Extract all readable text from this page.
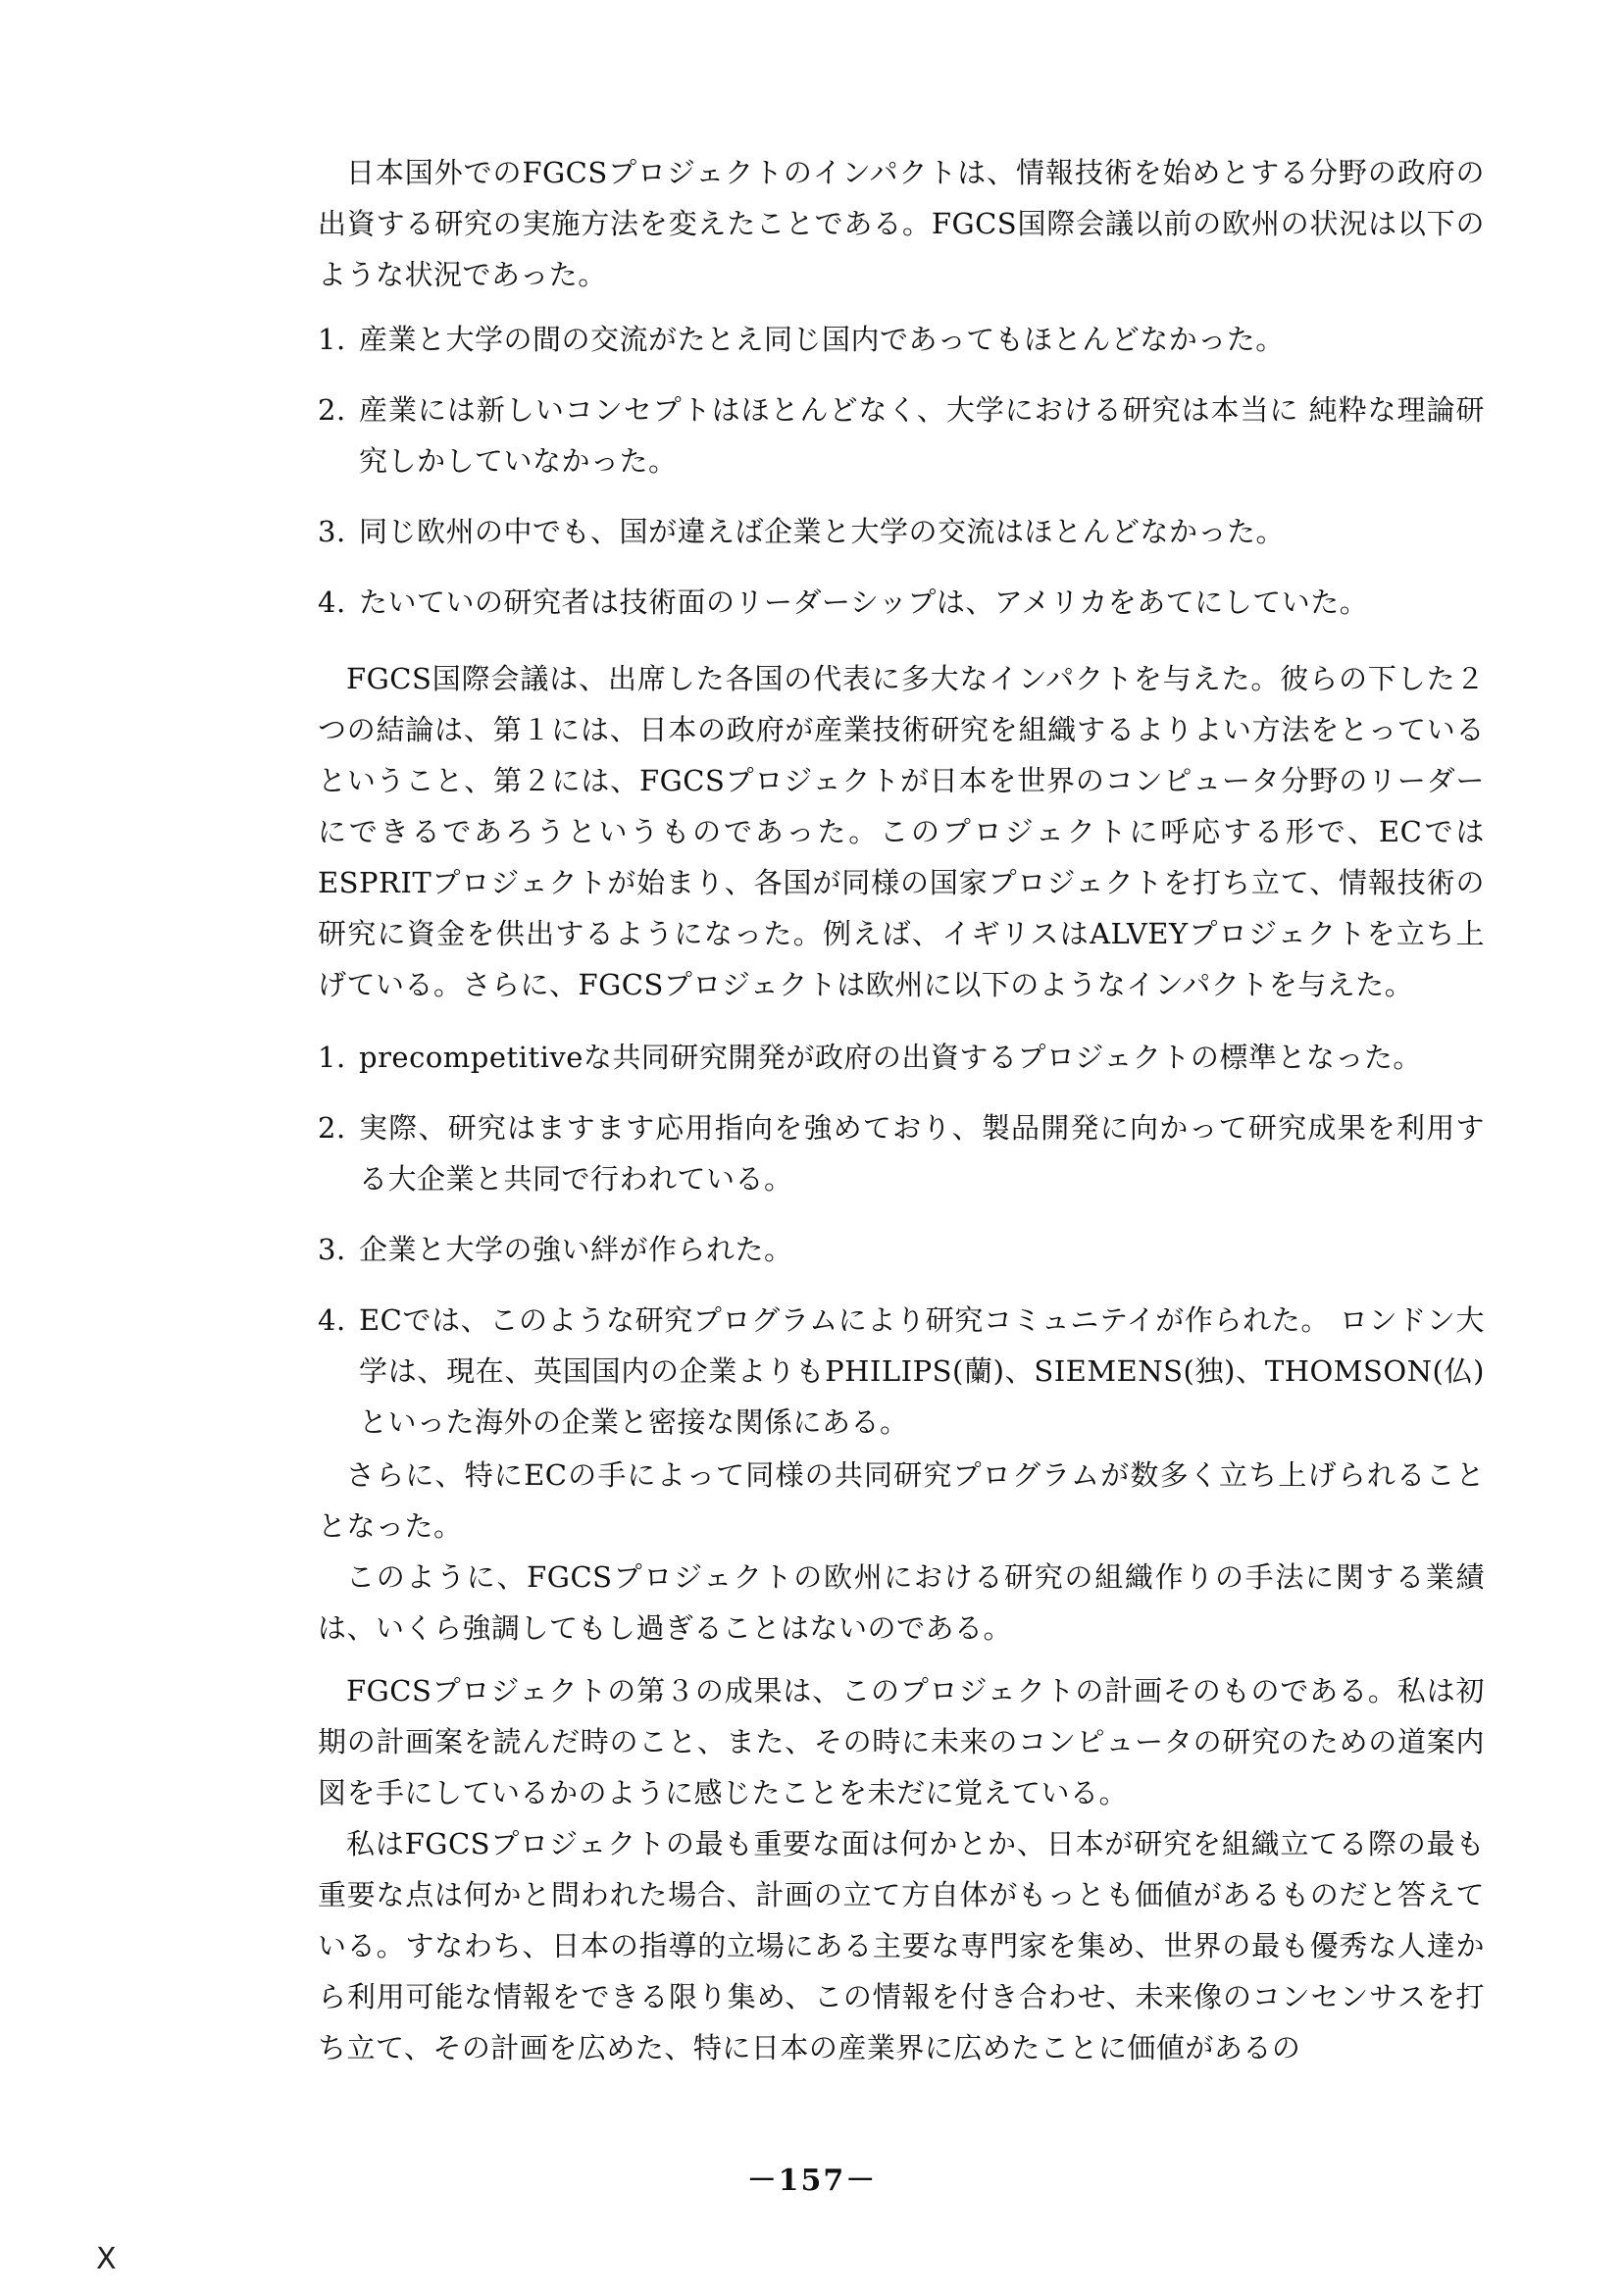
日本国外でのFGCSプロジェクトのインパクトは、情報技術を始めとする分野の政府の出資する研究の実施方法を変えたことである。FGCS国際会議以前の欧州の状況は以下のような状況であった。

1. 産業と大学の間の交流がたとえ同じ国内であってもほとんどなかった。
2. 産業には新しいコンセプトはほとんどなく、大学における研究は本当に 純粋な理論研究しかしていなかった。
3. 同じ欧州の中でも、国が違えば企業と大学の交流はほとんどなかった。
4. たいていの研究者は技術面のリーダーシップは、アメリカをあてにしていた。

FGCS国際会議は、出席した各国の代表に多大なインパクトを与えた。彼らの下した２つの結論は、第１には、日本の政府が産業技術研究を組織するよりよい方法をとっているということ、第２には、FGCSプロジェクトが日本を世界のコンピュータ分野のリーダーにできるであろうというものであった。このプロジェクトに呼応する形で、ECではESPRITプロジェクトが始まり、各国が同様の国家プロジェクトを打ち立て、情報技術の研究に資金を供出するようになった。例えば、イギリスはALVEYプロジェクトを立ち上げている。さらに、FGCSプロジェクトは欧州に以下のようなインパクトを与えた。

1. precompetitiveな共同研究開発が政府の出資するプロジェクトの標準となった。
2. 実際、研究はますます応用指向を強めており、製品開発に向かって研究成果を利用する大企業と共同で行われている。
3. 企業と大学の強い絆が作られた。
4. ECでは、このような研究プログラムにより研究コミュニテイが作られた。 ロンドン大学は、現在、英国国内の企業よりもPHILIPS(蘭)、SIEMENS(独)、THOMSON(仏)といった海外の企業と密接な関係にある。

さらに、特にECの手によって同様の共同研究プログラムが数多く立ち上げられることとなった。

このように、FGCSプロジェクトの欧州における研究の組織作りの手法に関する業績は、いくら強調してもし過ぎることはないのである。

FGCSプロジェクトの第３の成果は、このプロジェクトの計画そのものである。私は初期の計画案を読んだ時のこと、また、その時に未来のコンピュータの研究のための道案内図を手にしているかのように感じたことを未だに覚えている。

私はFGCSプロジェクトの最も重要な面は何かとか、日本が研究を組織立てる際の最も重要な点は何かと問われた場合、計画の立て方自体がもっとも価値があるものだと答えている。すなわち、日本の指導的立場にある主要な専門家を集め、世界の最も優秀な人達から利用可能な情報をできる限り集め、この情報を付き合わせ、未来像のコンセンサスを打ち立て、その計画を広めた、特に日本の産業界に広めたことに価値があるの

－157－
X
